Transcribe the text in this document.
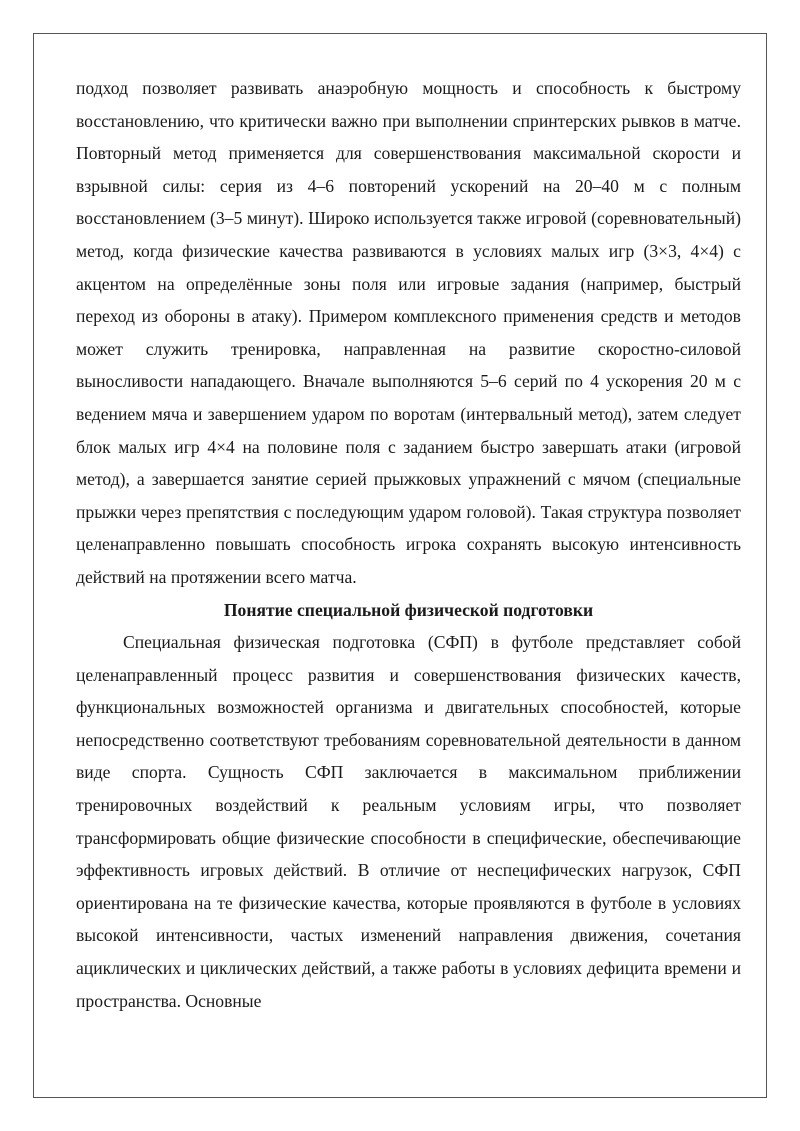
подход позволяет развивать анаэробную мощность и способность к быстрому восстановлению, что критически важно при выполнении спринтерских рывков в матче. Повторный метод применяется для совершенствования максимальной скорости и взрывной силы: серия из 4–6 повторений ускорений на 20–40 м с полным восстановлением (3–5 минут). Широко используется также игровой (соревновательный) метод, когда физические качества развиваются в условиях малых игр (3×3, 4×4) с акцентом на определённые зоны поля или игровые задания (например, быстрый переход из обороны в атаку). Примером комплексного применения средств и методов может служить тренировка, направленная на развитие скоростно-силовой выносливости нападающего. Вначале выполняются 5–6 серий по 4 ускорения 20 м с ведением мяча и завершением ударом по воротам (интервальный метод), затем следует блок малых игр 4×4 на половине поля с заданием быстро завершать атаки (игровой метод), а завершается занятие серией прыжковых упражнений с мячом (специальные прыжки через препятствия с последующим ударом головой). Такая структура позволяет целенаправленно повышать способность игрока сохранять высокую интенсивность действий на протяжении всего матча.

Понятие специальной физической подготовки

Специальная физическая подготовка (СФП) в футболе представляет собой целенаправленный процесс развития и совершенствования физических качеств, функциональных возможностей организма и двигательных способностей, которые непосредственно соответствуют требованиям соревновательной деятельности в данном виде спорта. Сущность СФП заключается в максимальном приближении тренировочных воздействий к реальным условиям игры, что позволяет трансформировать общие физические способности в специфические, обеспечивающие эффективность игровых действий. В отличие от неспецифических нагрузок, СФП ориентирована на те физические качества, которые проявляются в футболе в условиях высокой интенсивности, частых изменений направления движения, сочетания ациклических и циклических действий, а также работы в условиях дефицита времени и пространства. Основные
